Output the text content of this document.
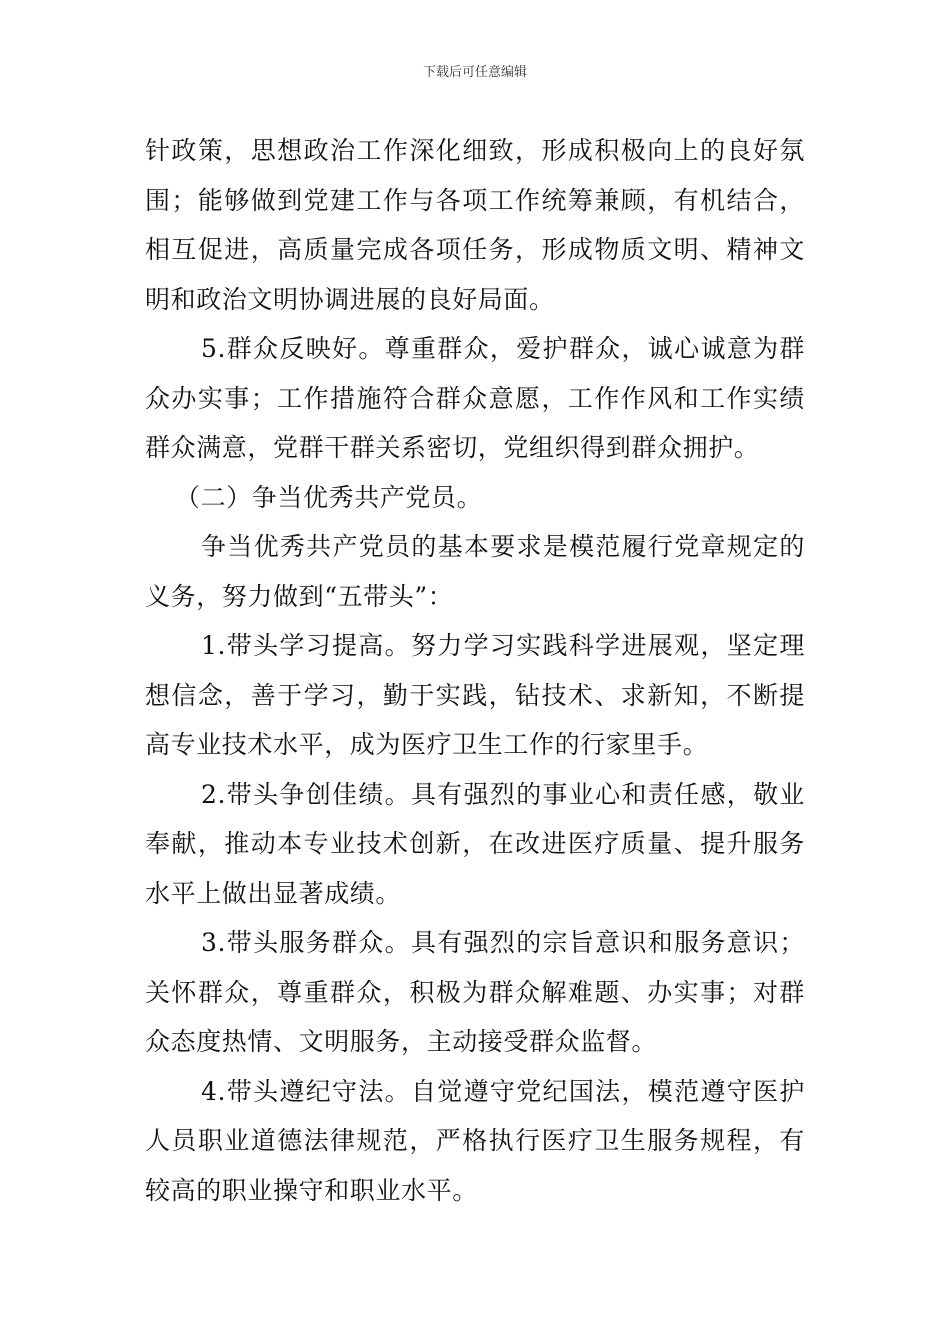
下载后可任意编辑

针政策，思想政治工作深化细致，形成积极向上的良好氛围；能够做到党建工作与各项工作统筹兼顾，有机结合，相互促进，高质量完成各项任务，形成物质文明、精神文明和政治文明协调进展的良好局面。

5.群众反映好。尊重群众，爱护群众，诚心诚意为群众办实事；工作措施符合群众意愿，工作作风和工作实绩群众满意，党群干群关系密切，党组织得到群众拥护。

（二）争当优秀共产党员。

争当优秀共产党员的基本要求是模范履行党章规定的义务，努力做到“五带头”：

1.带头学习提高。努力学习实践科学进展观，坚定理想信念，善于学习，勤于实践，钻技术、求新知，不断提高专业技术水平，成为医疗卫生工作的行家里手。

2.带头争创佳绩。具有强烈的事业心和责任感，敬业奉献，推动本专业技术创新，在改进医疗质量、提升服务水平上做出显著成绩。

3.带头服务群众。具有强烈的宗旨意识和服务意识；关怀群众，尊重群众，积极为群众解难题、办实事；对群众态度热情、文明服务，主动接受群众监督。

4.带头遵纪守法。自觉遵守党纪国法，模范遵守医护人员职业道德法律规范，严格执行医疗卫生服务规程，有较高的职业操守和职业水平。
